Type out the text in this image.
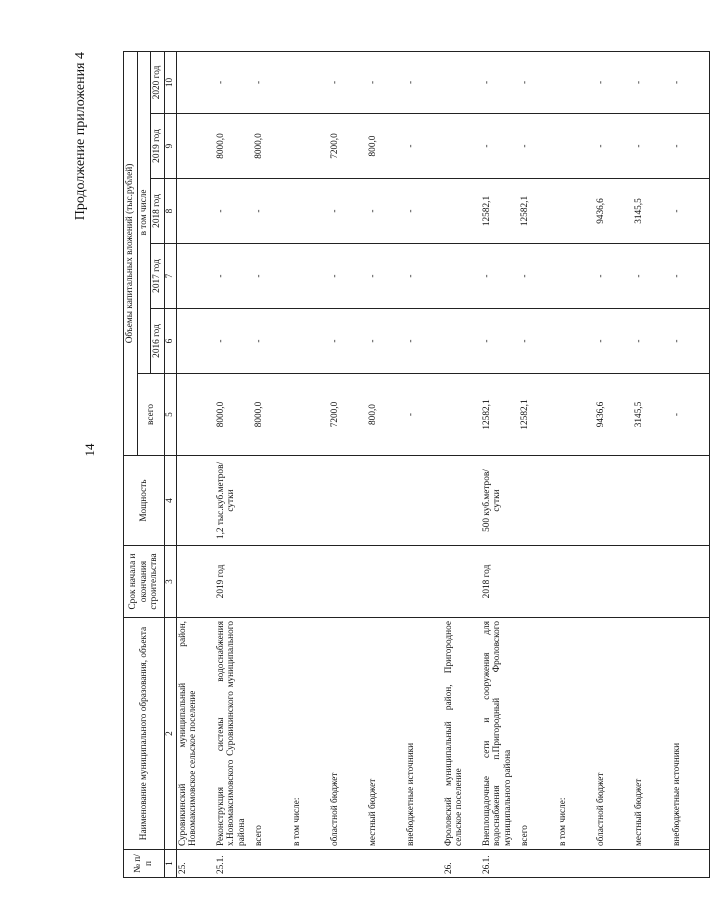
14
Продолжение приложения 4
№ п/п	Наименование муниципального образования, объекта	Срок начала и окончания строительства	Мощность	Объемы капитальных вложений (тыс.рублей)					
				всего	в том числе				
					2016 год	2017 год	2018 год	2019 год	2020 год
1	2	3	4	5	6	7	8	9	10
25.	Суровикинский муниципальный район, Новомаксимовское сельское поселение								
25.1.	Реконструкция системы водоснабжения х.Новомаксимовского Суровикинского муниципального района	2019 год	1,2 тыс.куб.метров/ сутки	8000,0	-	-	-	8000,0	-
	всего			8000,0	-	-	-	8000,0	-
	в том числе:								
	областной бюджет			7200,0	-	-	-	7200,0	-
	местный бюджет			800,0	-	-	-	800,0	-
	внебюджетные источники			-	-	-	-	-	-
26.	Фроловский муниципальный район, Пригородное сельское поселение								
26.1.	Внеплощадочные сети и сооружения для водоснабжения п.Пригородный Фроловского муниципального района	2018 год	500 куб.метров/ сутки	12582,1	-	-	12582,1	-	-
	всего			12582,1	-	-	12582,1	-	-
	в том числе:								
	областной бюджет			9436,6	-	-	9436,6	-	-
	местный бюджет			3145,5	-	-	3145,5	-	-
	внебюджетные источники			-	-	-	-	-	-
